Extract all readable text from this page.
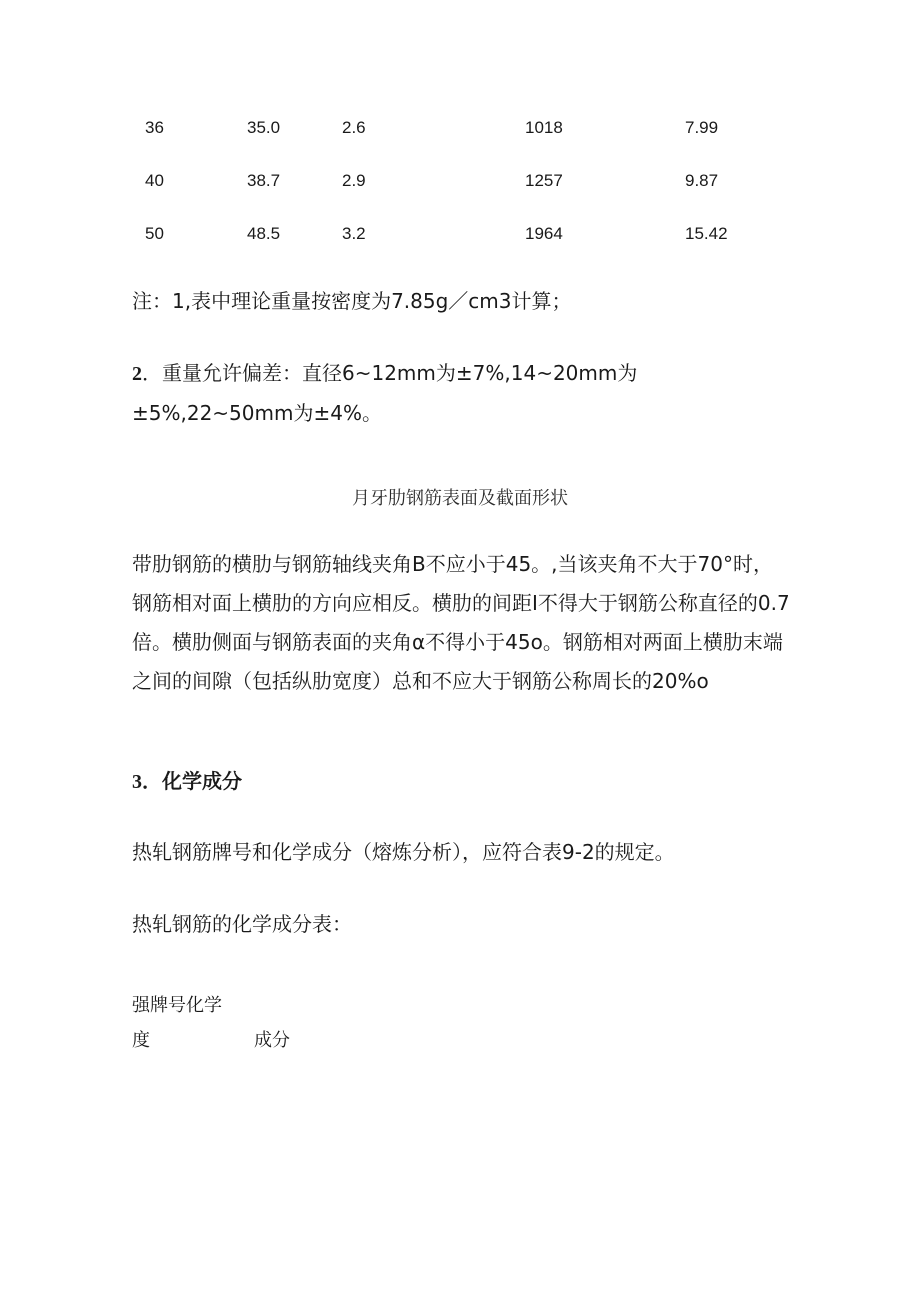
36	35.0	2.6	1018	7.99
40	38.7	2.9	1257	9.87
50	48.5	3.2	1964	15.42

注：1,表中理论重量按密度为7.85g／cm3计算；

2．重量允许偏差：直径6~12mm为±7%,14~20mm为±5%,22~50mm为±4%。

月牙肋钢筋表面及截面形状

带肋钢筋的横肋与钢筋轴线夹角B不应小于45。,当该夹角不大于70°时，钢筋相对面上横肋的方向应相反。横肋的间距I不得大于钢筋公称直径的0.7倍。横肋侧面与钢筋表面的夹角α不得小于45o。钢筋相对两面上横肋末端之间的间隙（包括纵肋宽度）总和不应大于钢筋公称周长的20%o

3．化学成分

热轧钢筋牌号和化学成分（熔炼分析），应符合表9-2的规定。

热轧钢筋的化学成分表：

强牌号化学
度	成分
